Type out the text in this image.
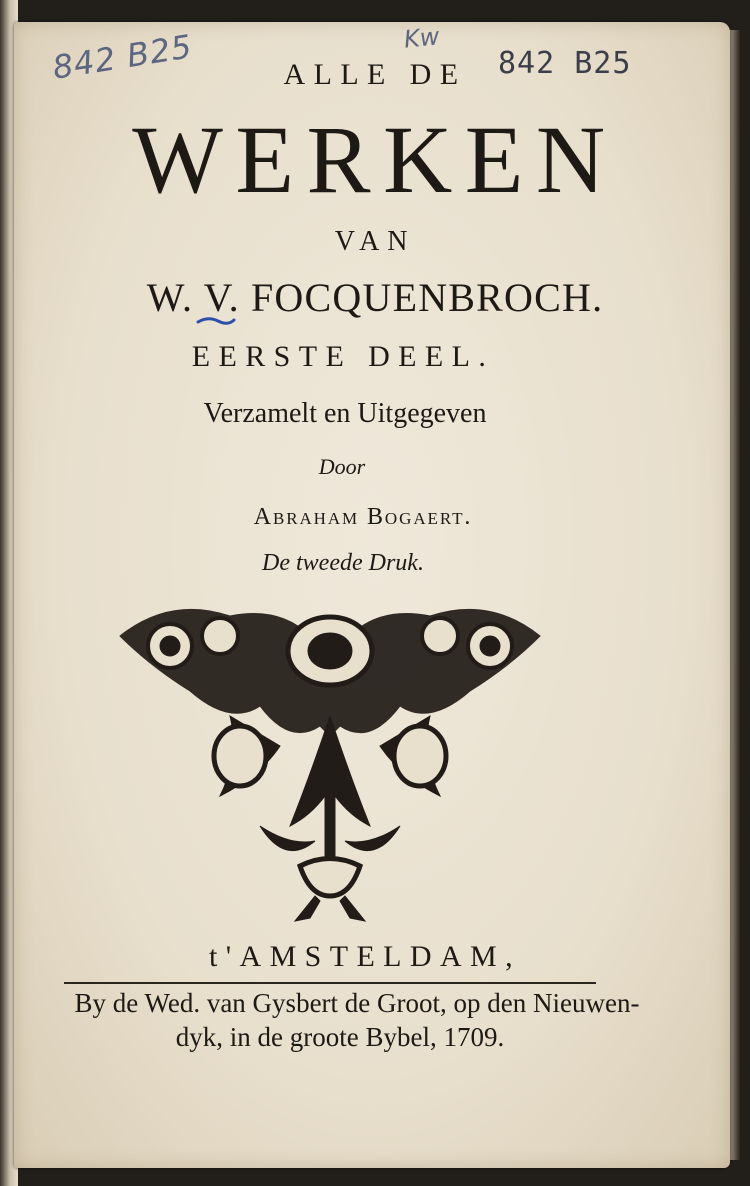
842 B25	Kw
842 B25
ALLE DE
WERKEN
VAN
W. V. FOCQUENBROCH.
EERSTE DEEL.
Verzamelt en Uitgegeven
Door
Abraham Bogaert.
De tweede Druk.
t'AMSTELDAM,
By de Wed. van Gysbert de Groot, op den Nieuwen-
dyk, in de groote Bybel, 1709.
